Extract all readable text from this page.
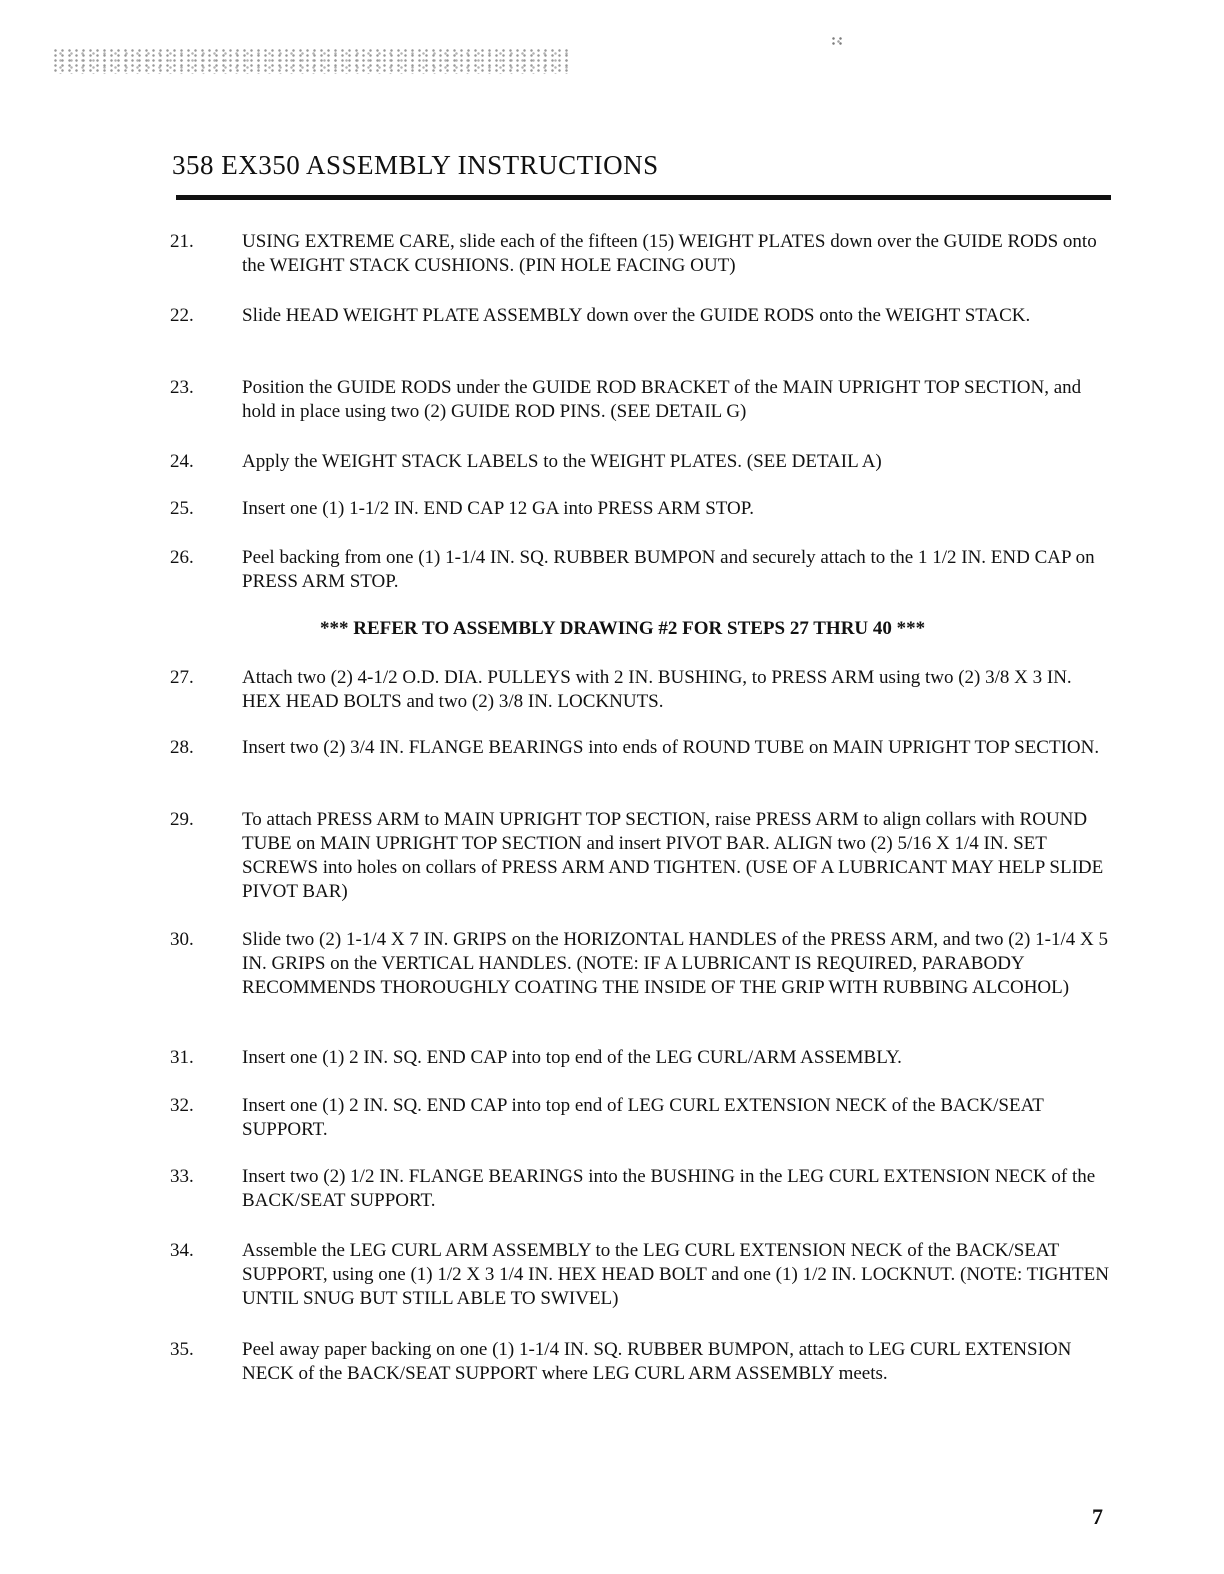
358 EX350 ASSEMBLY INSTRUCTIONS
21.	USING EXTREME CARE, slide each of the fifteen (15) WEIGHT PLATES down over the GUIDE RODS onto the WEIGHT STACK CUSHIONS. (PIN HOLE FACING OUT)
22.	Slide HEAD WEIGHT PLATE ASSEMBLY down over the GUIDE RODS onto the WEIGHT STACK.
23.	Position the GUIDE RODS under the GUIDE ROD BRACKET of the MAIN UPRIGHT TOP SECTION, and hold in place using two (2) GUIDE ROD PINS. (SEE DETAIL G)
24.	Apply the WEIGHT STACK LABELS to the WEIGHT PLATES. (SEE DETAIL A)
25.	Insert one (1) 1-1/2 IN. END CAP 12 GA into PRESS ARM STOP.
26.	Peel backing from one (1) 1-1/4 IN. SQ. RUBBER BUMPON and securely attach to the 1 1/2 IN. END CAP on PRESS ARM STOP.
*** REFER TO ASSEMBLY DRAWING #2 FOR STEPS 27 THRU 40 ***
27.	Attach two (2) 4-1/2 O.D. DIA. PULLEYS with 2 IN. BUSHING, to PRESS ARM using two (2) 3/8 X 3 IN. HEX HEAD BOLTS and two (2) 3/8 IN. LOCKNUTS.
28.	Insert two (2) 3/4 IN. FLANGE BEARINGS into ends of ROUND TUBE on MAIN UPRIGHT TOP SECTION.
29.	To attach PRESS ARM to MAIN UPRIGHT TOP SECTION, raise PRESS ARM to align collars with ROUND TUBE on MAIN UPRIGHT TOP SECTION and insert PIVOT BAR. ALIGN two (2) 5/16 X 1/4 IN. SET SCREWS into holes on collars of PRESS ARM AND TIGHTEN. (USE OF A LUBRICANT MAY HELP SLIDE PIVOT BAR)
30.	Slide two (2) 1-1/4 X 7 IN. GRIPS on the HORIZONTAL HANDLES of the PRESS ARM, and two (2) 1-1/4 X 5 IN. GRIPS on the VERTICAL HANDLES. (NOTE: IF A LUBRICANT IS REQUIRED, PARABODY RECOMMENDS THOROUGHLY COATING THE INSIDE OF THE GRIP WITH RUBBING ALCOHOL)
31.	Insert one (1) 2 IN. SQ. END CAP into top end of the LEG CURL/ARM ASSEMBLY.
32.	Insert one (1) 2 IN. SQ. END CAP into top end of LEG CURL EXTENSION NECK of the BACK/SEAT SUPPORT.
33.	Insert two (2) 1/2 IN. FLANGE BEARINGS into the BUSHING in the LEG CURL EXTENSION NECK of the BACK/SEAT SUPPORT.
34.	Assemble the LEG CURL ARM ASSEMBLY to the LEG CURL EXTENSION NECK of the BACK/SEAT SUPPORT, using one (1) 1/2 X 3 1/4 IN. HEX HEAD BOLT and one (1) 1/2 IN. LOCKNUT. (NOTE: TIGHTEN UNTIL SNUG BUT STILL ABLE TO SWIVEL)
35.	Peel away paper backing on one (1) 1-1/4 IN. SQ. RUBBER BUMPON, attach to LEG CURL EXTENSION NECK of the BACK/SEAT SUPPORT where LEG CURL ARM ASSEMBLY meets.
7
